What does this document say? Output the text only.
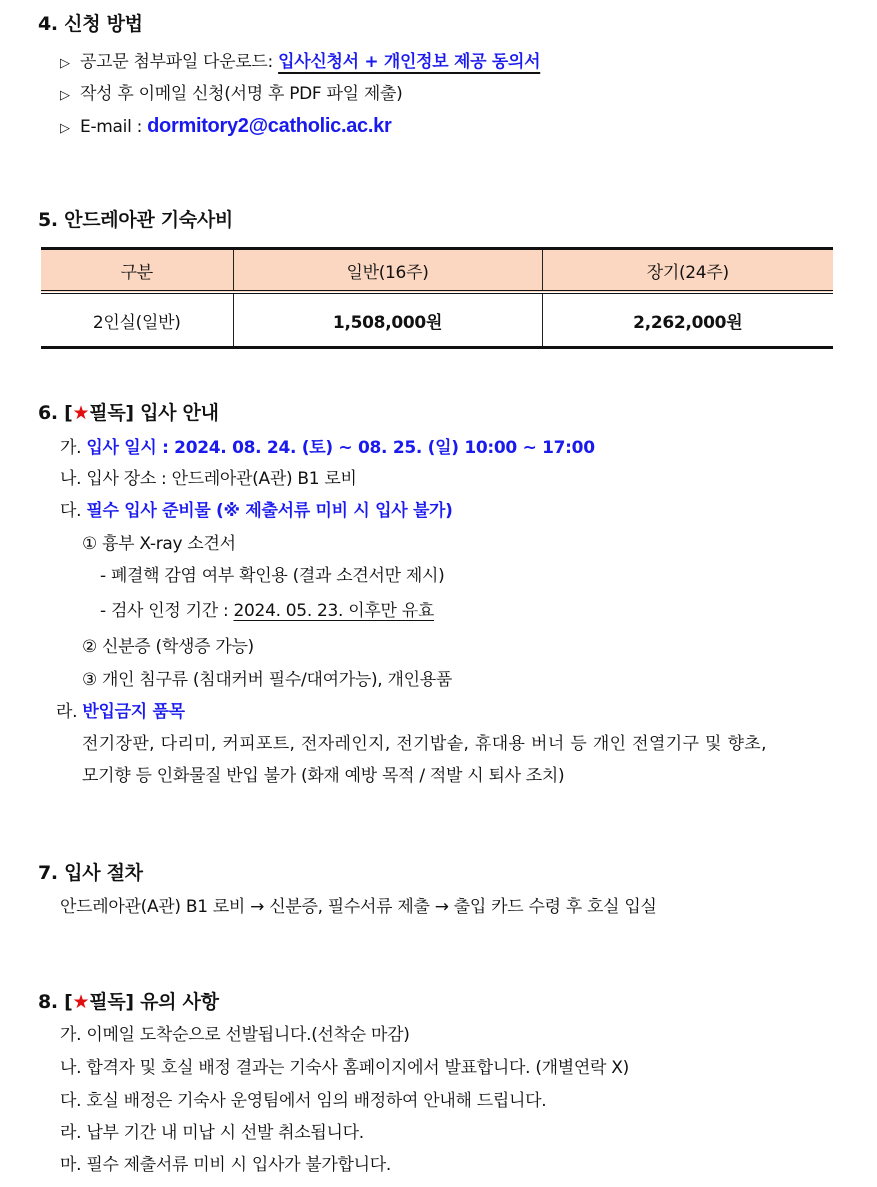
4. 신청 방법
▷ 공고문 첨부파일 다운로드: 입사신청서 + 개인정보 제공 동의서
▷ 작성 후 이메일 신청(서명 후 PDF 파일 제출)
▷ E-mail : dormitory2@catholic.ac.kr
5. 안드레아관 기숙사비
구분	일반(16주)	장기(24주)
2인실(일반)	1,508,000원	2,262,000원
6. [★필독] 입사 안내
가. 입사 일시 : 2024. 08. 24. (토) ~ 08. 25. (일) 10:00 ~ 17:00
나. 입사 장소 : 안드레아관(A관) B1 로비
다. 필수 입사 준비물 (※ 제출서류 미비 시 입사 불가)
① 흉부 X-ray 소견서
- 폐결핵 감염 여부 확인용 (결과 소견서만 제시)
- 검사 인정 기간 : 2024. 05. 23. 이후만 유효
② 신분증 (학생증 가능)
③ 개인 침구류 (침대커버 필수/대여가능), 개인용품
라. 반입금지 품목
전기장판, 다리미, 커피포트, 전자레인지, 전기밥솥, 휴대용 버너 등 개인 전열기구 및 향초,
모기향 등 인화물질 반입 불가 (화재 예방 목적 / 적발 시 퇴사 조치)
7. 입사 절차
안드레아관(A관) B1 로비 → 신분증, 필수서류 제출 → 출입 카드 수령 후 호실 입실
8. [★필독] 유의 사항
가. 이메일 도착순으로 선발됩니다.(선착순 마감)
나. 합격자 및 호실 배정 결과는 기숙사 홈페이지에서 발표합니다. (개별연락 X)
다. 호실 배정은 기숙사 운영팀에서 임의 배정하여 안내해 드립니다.
라. 납부 기간 내 미납 시 선발 취소됩니다.
마. 필수 제출서류 미비 시 입사가 불가합니다.
